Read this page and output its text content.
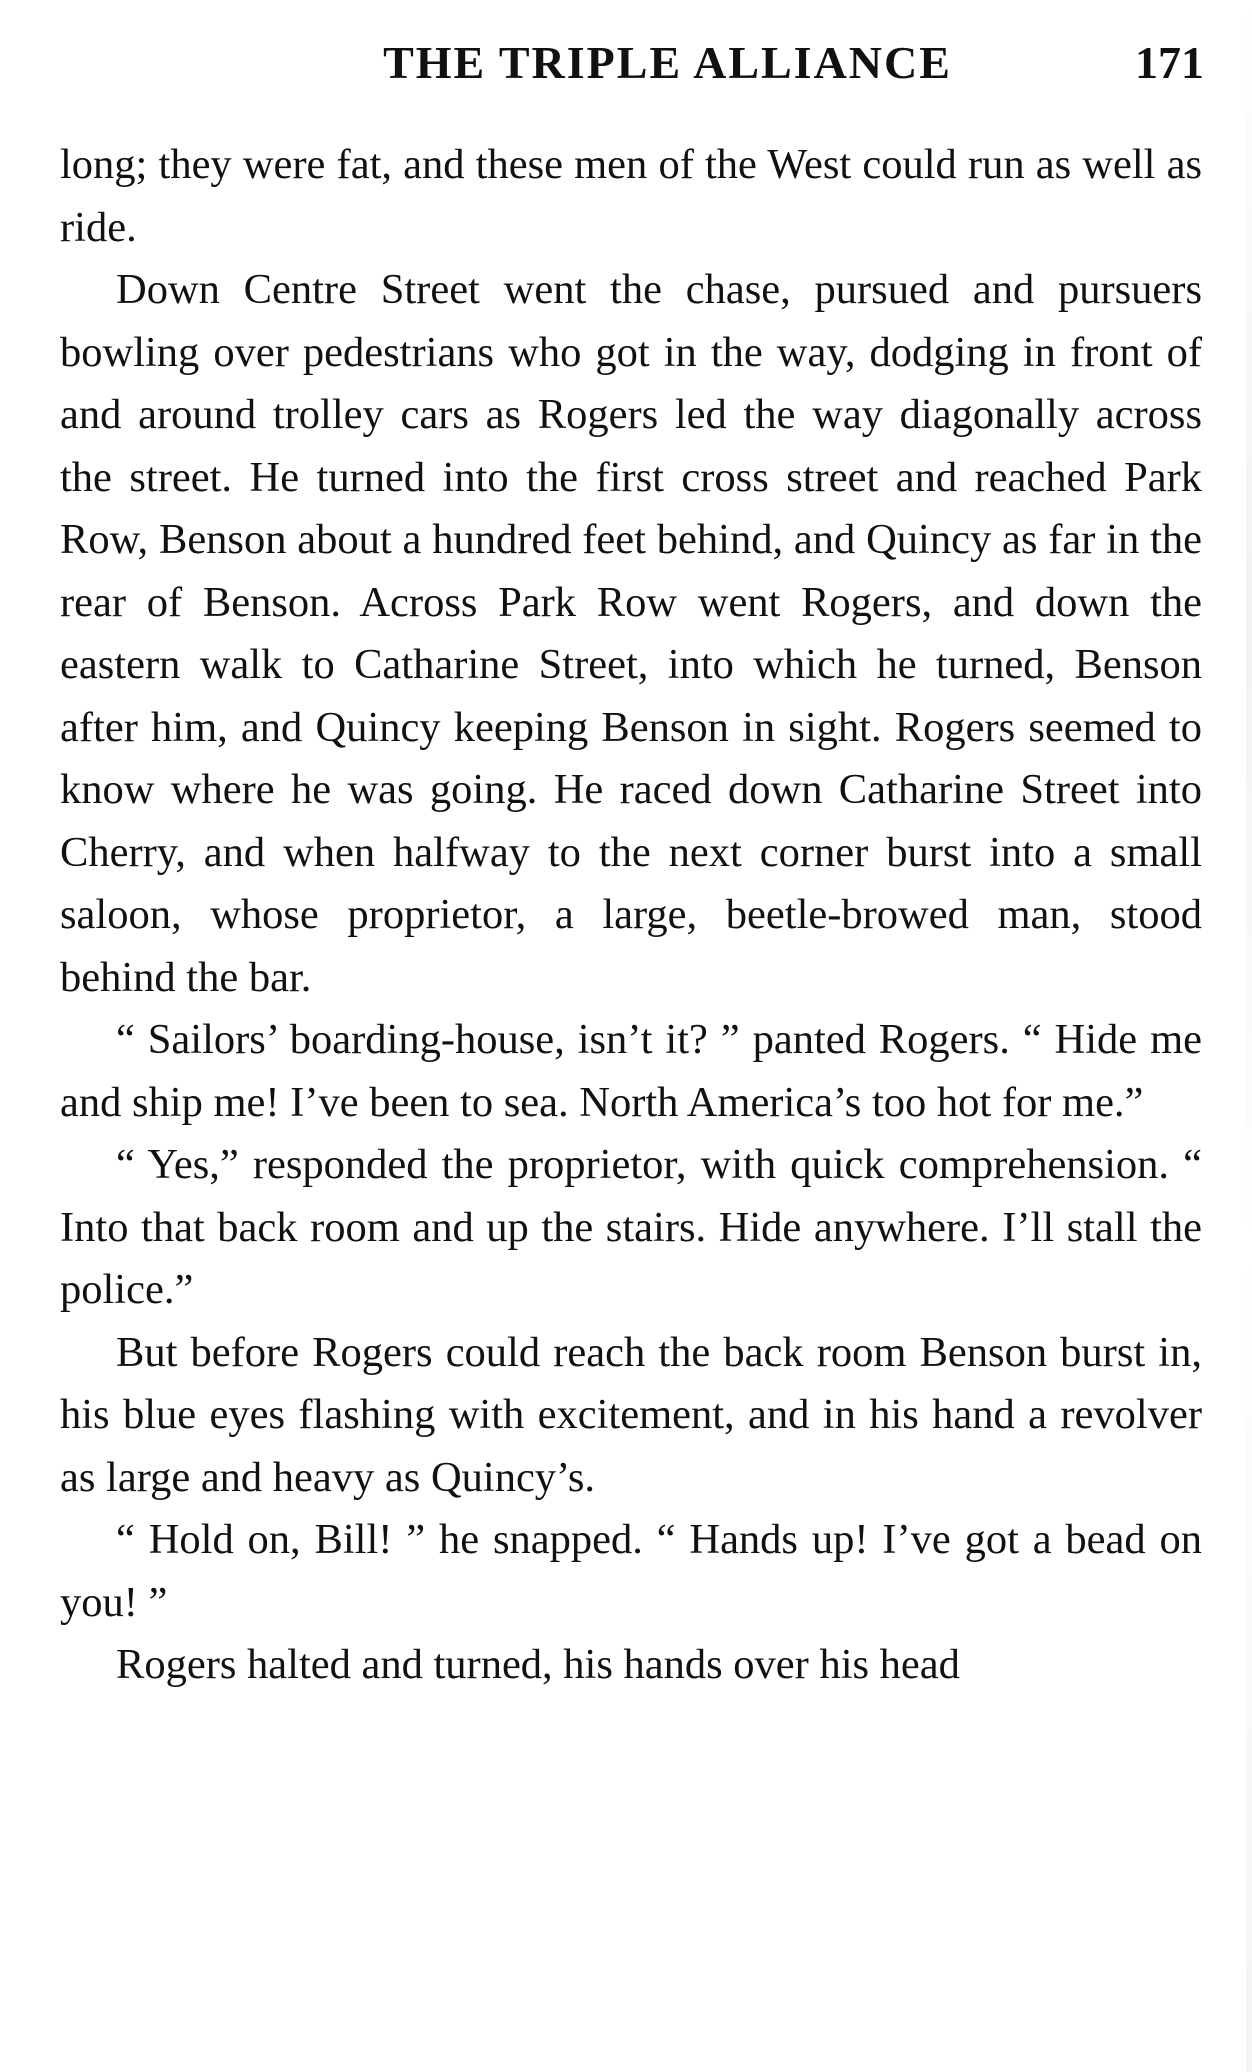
THE TRIPLE ALLIANCE	171

long; they were fat, and these men of the West could run as well as ride.

Down Centre Street went the chase, pursued and pursuers bowling over pedestrians who got in the way, dodging in front of and around trolley cars as Rogers led the way diagonally across the street. He turned into the first cross street and reached Park Row, Benson about a hundred feet behind, and Quincy as far in the rear of Benson. Across Park Row went Rogers, and down the eastern walk to Catharine Street, into which he turned, Benson after him, and Quincy keeping Benson in sight. Rogers seemed to know where he was going. He raced down Catharine Street into Cherry, and when halfway to the next corner burst into a small saloon, whose proprietor, a large, beetle-browed man, stood behind the bar.

“ Sailors’ boarding-house, isn’t it? ” panted Rogers. “ Hide me and ship me! I’ve been to sea. North America’s too hot for me.”

“ Yes,” responded the proprietor, with quick comprehension. “ Into that back room and up the stairs. Hide anywhere. I’ll stall the police.”

But before Rogers could reach the back room Benson burst in, his blue eyes flashing with excitement, and in his hand a revolver as large and heavy as Quincy’s.

“ Hold on, Bill! ” he snapped. “ Hands up! I’ve got a bead on you! ”

Rogers halted and turned, his hands over his head
